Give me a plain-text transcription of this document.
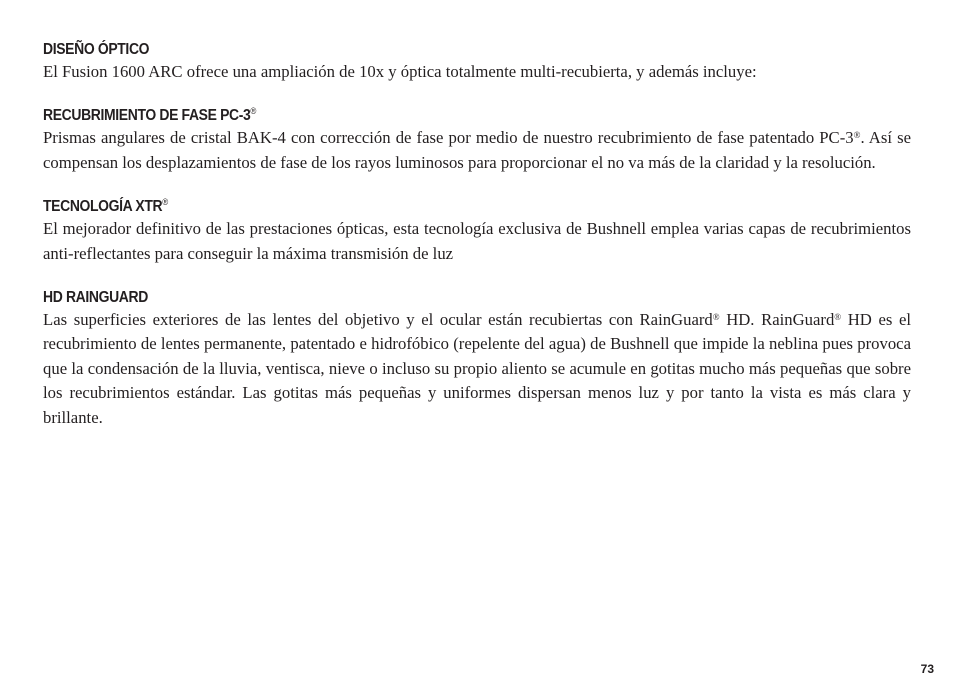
DISEÑO ÓPTICO

El Fusion 1600 ARC ofrece una ampliación de 10x y óptica totalmente multi-recubierta, y además incluye:

RECUBRIMIENTO DE FASE PC-3®

Prismas angulares de cristal BAK-4 con corrección de fase por medio de nuestro recubrimiento de fase patentado PC-3®. Así se compensan los desplazamientos de fase de los rayos luminosos para proporcionar el no va más de la claridad y la resolución.

TECNOLOGÍA XTR®

El mejorador definitivo de las prestaciones ópticas, esta tecnología exclusiva de Bushnell emplea varias capas de recubrimientos anti-reflectantes para conseguir la máxima transmisión de luz

HD RAINGUARD

Las superficies exteriores de las lentes del objetivo y el ocular están recubiertas con RainGuard® HD. RainGuard® HD es el recubrimiento de lentes permanente, patentado e hidrofóbico (repelente del agua) de Bushnell que impide la neblina pues provoca que la condensación de la lluvia, ventisca, nieve o incluso su propio aliento se acumule en gotitas mucho más pequeñas que sobre los recubrimientos estándar. Las gotitas más pequeñas y uniformes dispersan menos luz y por tanto la vista es más clara y brillante.

73
